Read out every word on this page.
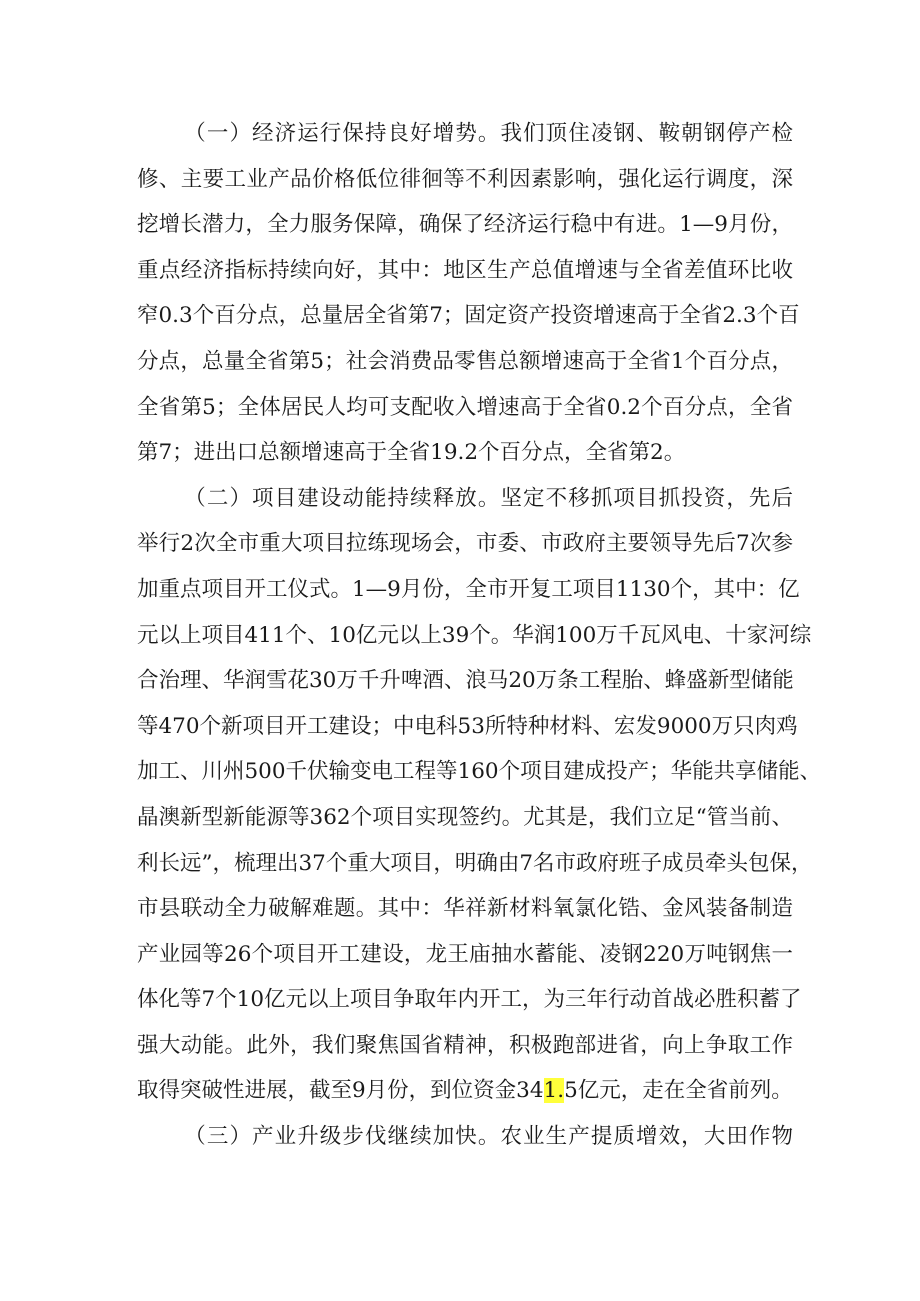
（一）经济运行保持良好增势。我们顶住凌钢、鞍朝钢停产检
修、主要工业产品价格低位徘徊等不利因素影响，强化运行调度，深
挖增长潜力，全力服务保障，确保了经济运行稳中有进。1—9月份，
重点经济指标持续向好，其中：地区生产总值增速与全省差值环比收
窄0.3个百分点，总量居全省第7；固定资产投资增速高于全省2.3个百
分点，总量全省第5；社会消费品零售总额增速高于全省1个百分点，
全省第5；全体居民人均可支配收入增速高于全省0.2个百分点，全省
第7；进出口总额增速高于全省19.2个百分点，全省第2。
（二）项目建设动能持续释放。坚定不移抓项目抓投资，先后
举行2次全市重大项目拉练现场会，市委、市政府主要领导先后7次参
加重点项目开工仪式。1—9月份，全市开复工项目1130个，其中：亿
元以上项目411个、10亿元以上39个。华润100万千瓦风电、十家河综
合治理、华润雪花30万千升啤酒、浪马20万条工程胎、蜂盛新型储能
等470个新项目开工建设；中电科53所特种材料、宏发9000万只肉鸡
加工、川州500千伏输变电工程等160个项目建成投产；华能共享储能、
晶澳新型新能源等362个项目实现签约。尤其是，我们立足“管当前、
利长远”，梳理出37个重大项目，明确由7名市政府班子成员牵头包保，
市县联动全力破解难题。其中：华祥新材料氧氯化锆、金风装备制造
产业园等26个项目开工建设，龙王庙抽水蓄能、凌钢220万吨钢焦一
体化等7个10亿元以上项目争取年内开工，为三年行动首战必胜积蓄了
强大动能。此外，我们聚焦国省精神，积极跑部进省，向上争取工作
取得突破性进展，截至9月份，到位资金341.5亿元，走在全省前列。
（三）产业升级步伐继续加快。农业生产提质增效，大田作物
